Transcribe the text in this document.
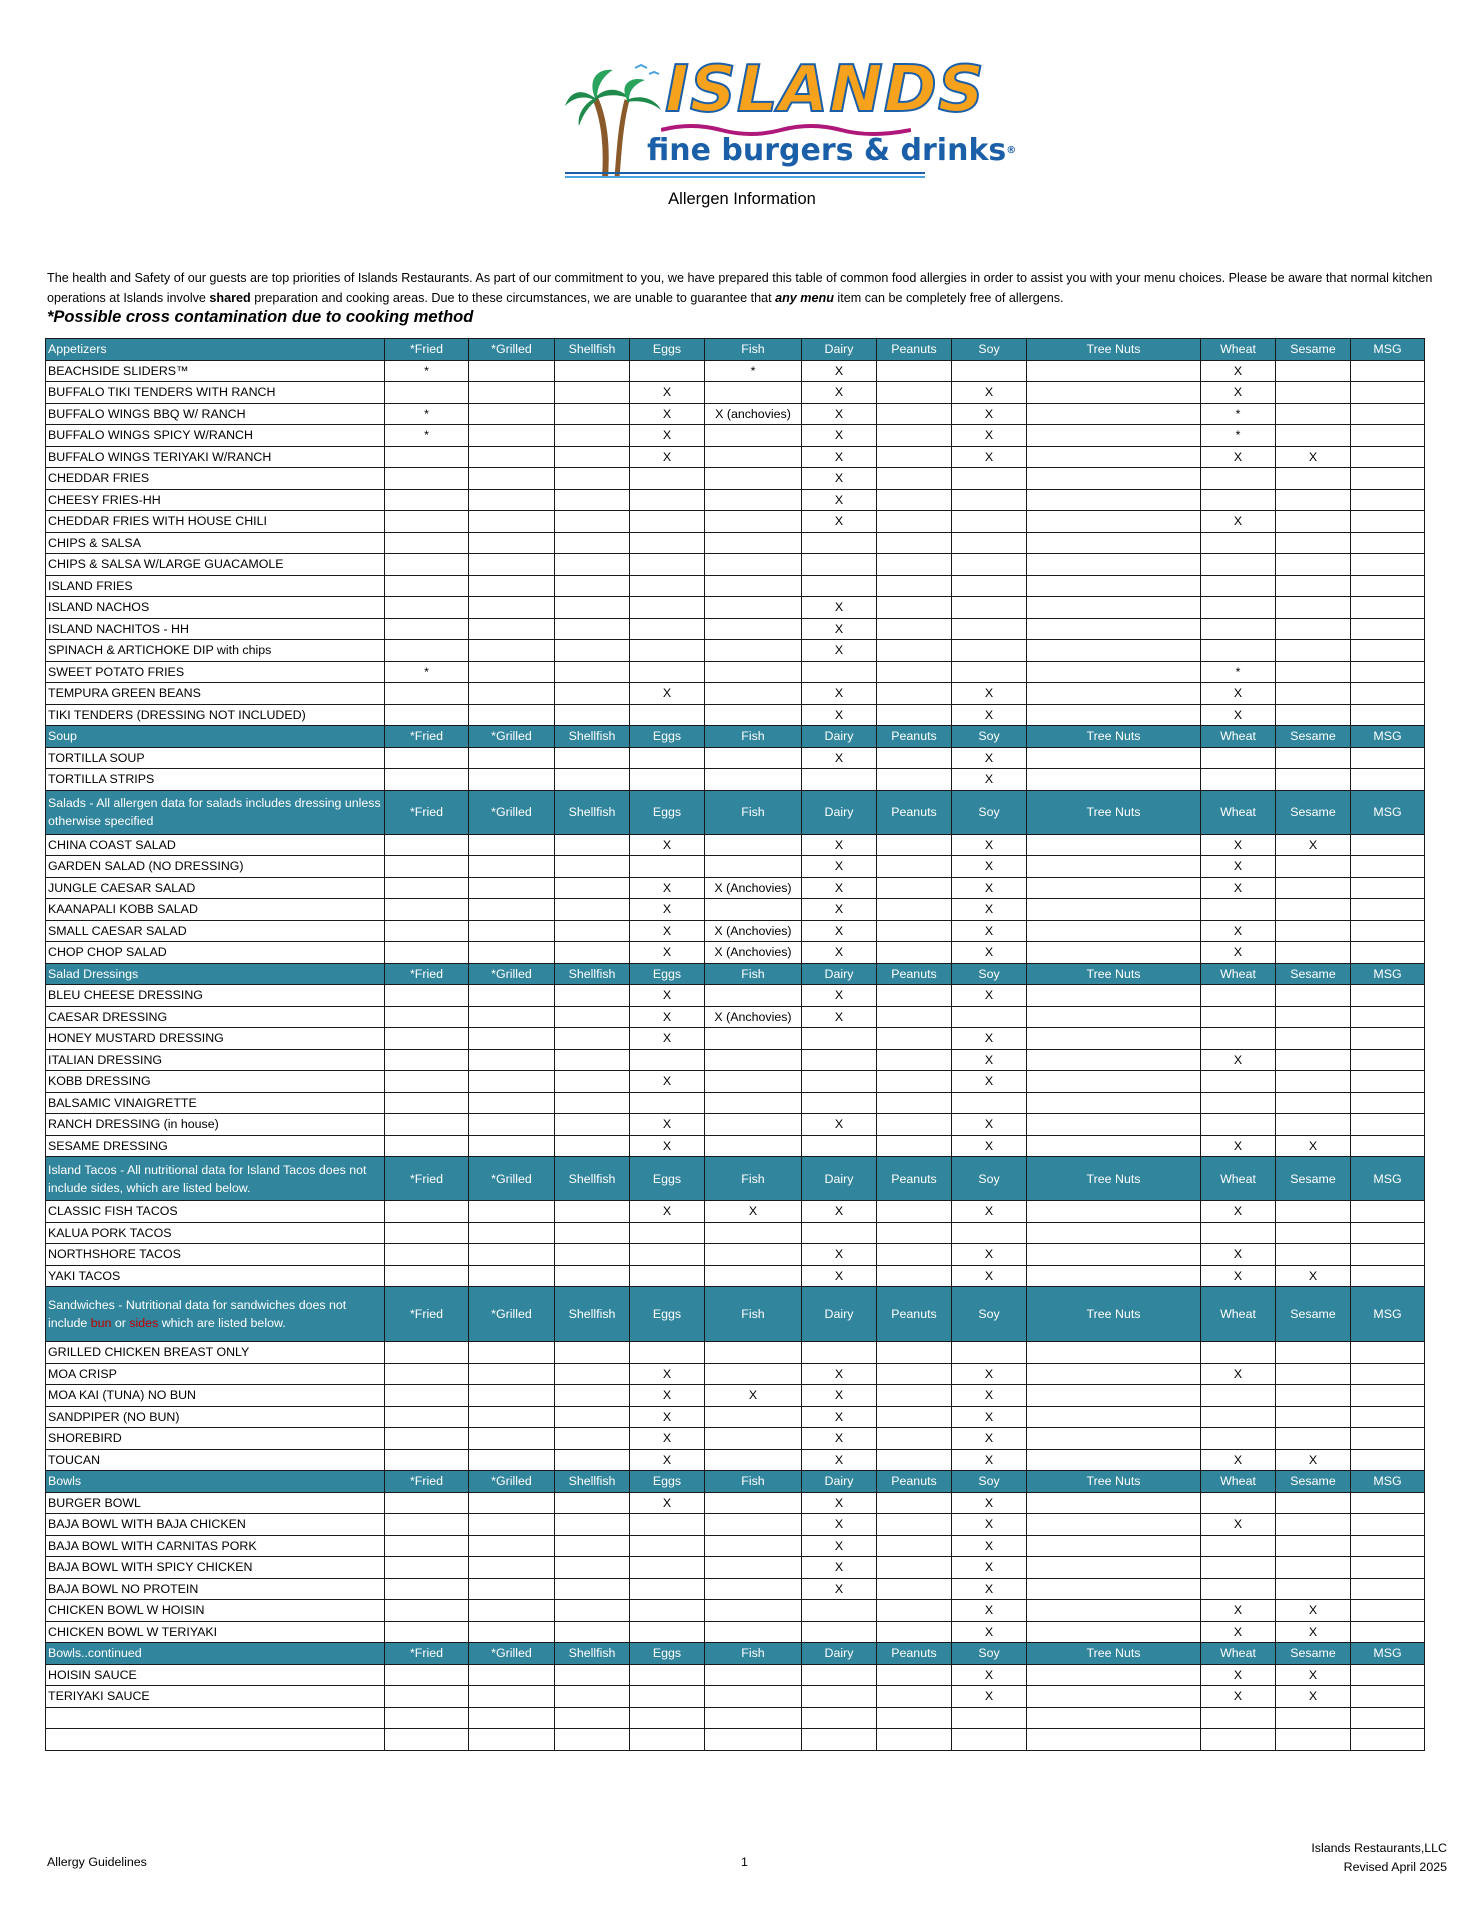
ISLANDS
fine burgers & drinks®
Allergen Information
The health and Safety of our guests are top priorities of Islands Restaurants. As part of our commitment to you, we have prepared this table of common food allergies in order to assist you with your menu choices. Please be aware that normal kitchen operations at Islands involve shared preparation and cooking areas. Due to these circumstances, we are unable to guarantee that any menu item can be completely free of allergens.
*Possible cross contamination due to cooking method
Appetizers	*Fried	*Grilled	Shellfish	Eggs	Fish	Dairy	Peanuts	Soy	Tree Nuts	Wheat	Sesame	MSG
BEACHSIDE SLIDERS™	*				*	X				X		
BUFFALO TIKI TENDERS WITH RANCH				X		X		X		X		
BUFFALO WINGS BBQ W/ RANCH	*			X	X (anchovies)	X		X		*		
BUFFALO WINGS SPICY W/RANCH	*			X		X		X		*		
BUFFALO WINGS TERIYAKI W/RANCH				X		X		X		X	X	
CHEDDAR FRIES						X						
CHEESY FRIES-HH						X						
CHEDDAR FRIES WITH HOUSE CHILI						X				X		
CHIPS & SALSA												
CHIPS & SALSA W/LARGE GUACAMOLE												
ISLAND FRIES												
ISLAND NACHOS						X						
ISLAND NACHITOS - HH						X						
SPINACH & ARTICHOKE DIP with chips						X						
SWEET POTATO FRIES	*									*		
TEMPURA GREEN BEANS				X		X		X		X		
TIKI TENDERS (DRESSING NOT INCLUDED)						X		X		X		
Soup	*Fried	*Grilled	Shellfish	Eggs	Fish	Dairy	Peanuts	Soy	Tree Nuts	Wheat	Sesame	MSG
TORTILLA SOUP						X		X				
TORTILLA STRIPS								X				
Salads - All allergen data for salads includes dressing unless otherwise specified	*Fried	*Grilled	Shellfish	Eggs	Fish	Dairy	Peanuts	Soy	Tree Nuts	Wheat	Sesame	MSG
CHINA COAST SALAD				X		X		X		X	X	
GARDEN SALAD (NO DRESSING)						X		X		X		
JUNGLE CAESAR SALAD				X	X (Anchovies)	X		X		X		
KAANAPALI KOBB SALAD				X		X		X				
SMALL CAESAR SALAD				X	X (Anchovies)	X		X		X		
CHOP CHOP SALAD				X	X (Anchovies)	X		X		X		
Salad Dressings	*Fried	*Grilled	Shellfish	Eggs	Fish	Dairy	Peanuts	Soy	Tree Nuts	Wheat	Sesame	MSG
BLEU CHEESE DRESSING				X		X		X				
CAESAR DRESSING				X	X (Anchovies)	X						
HONEY MUSTARD DRESSING				X				X				
ITALIAN DRESSING								X		X		
KOBB DRESSING				X				X				
BALSAMIC VINAIGRETTE												
RANCH DRESSING (in house)				X		X		X				
SESAME DRESSING				X				X		X	X	
Island Tacos - All nutritional data for Island Tacos does not include sides, which are listed below.	*Fried	*Grilled	Shellfish	Eggs	Fish	Dairy	Peanuts	Soy	Tree Nuts	Wheat	Sesame	MSG
CLASSIC FISH TACOS				X	X	X		X		X		
KALUA PORK TACOS												
NORTHSHORE TACOS						X		X		X		
YAKI TACOS						X		X		X	X	
Sandwiches - Nutritional data for sandwiches does not include bun or sides which are listed below.	*Fried	*Grilled	Shellfish	Eggs	Fish	Dairy	Peanuts	Soy	Tree Nuts	Wheat	Sesame	MSG
GRILLED CHICKEN BREAST ONLY												
MOA CRISP				X		X		X		X		
MOA KAI (TUNA) NO BUN				X	X	X		X				
SANDPIPER (NO BUN)				X		X		X				
SHOREBIRD				X		X		X				
TOUCAN				X		X		X		X	X	
Bowls	*Fried	*Grilled	Shellfish	Eggs	Fish	Dairy	Peanuts	Soy	Tree Nuts	Wheat	Sesame	MSG
BURGER BOWL				X		X		X				
BAJA BOWL WITH BAJA CHICKEN						X		X		X		
BAJA BOWL WITH CARNITAS PORK						X		X				
BAJA BOWL WITH SPICY CHICKEN						X		X				
BAJA BOWL NO PROTEIN						X		X				
CHICKEN BOWL W HOISIN								X		X	X	
CHICKEN BOWL W TERIYAKI								X		X	X	
Bowls..continued	*Fried	*Grilled	Shellfish	Eggs	Fish	Dairy	Peanuts	Soy	Tree Nuts	Wheat	Sesame	MSG
HOISIN SAUCE								X		X	X	
TERIYAKI SAUCE								X		X	X	

Allergy Guidelines	1
Islands Restaurants,LLC
Revised April 2025
